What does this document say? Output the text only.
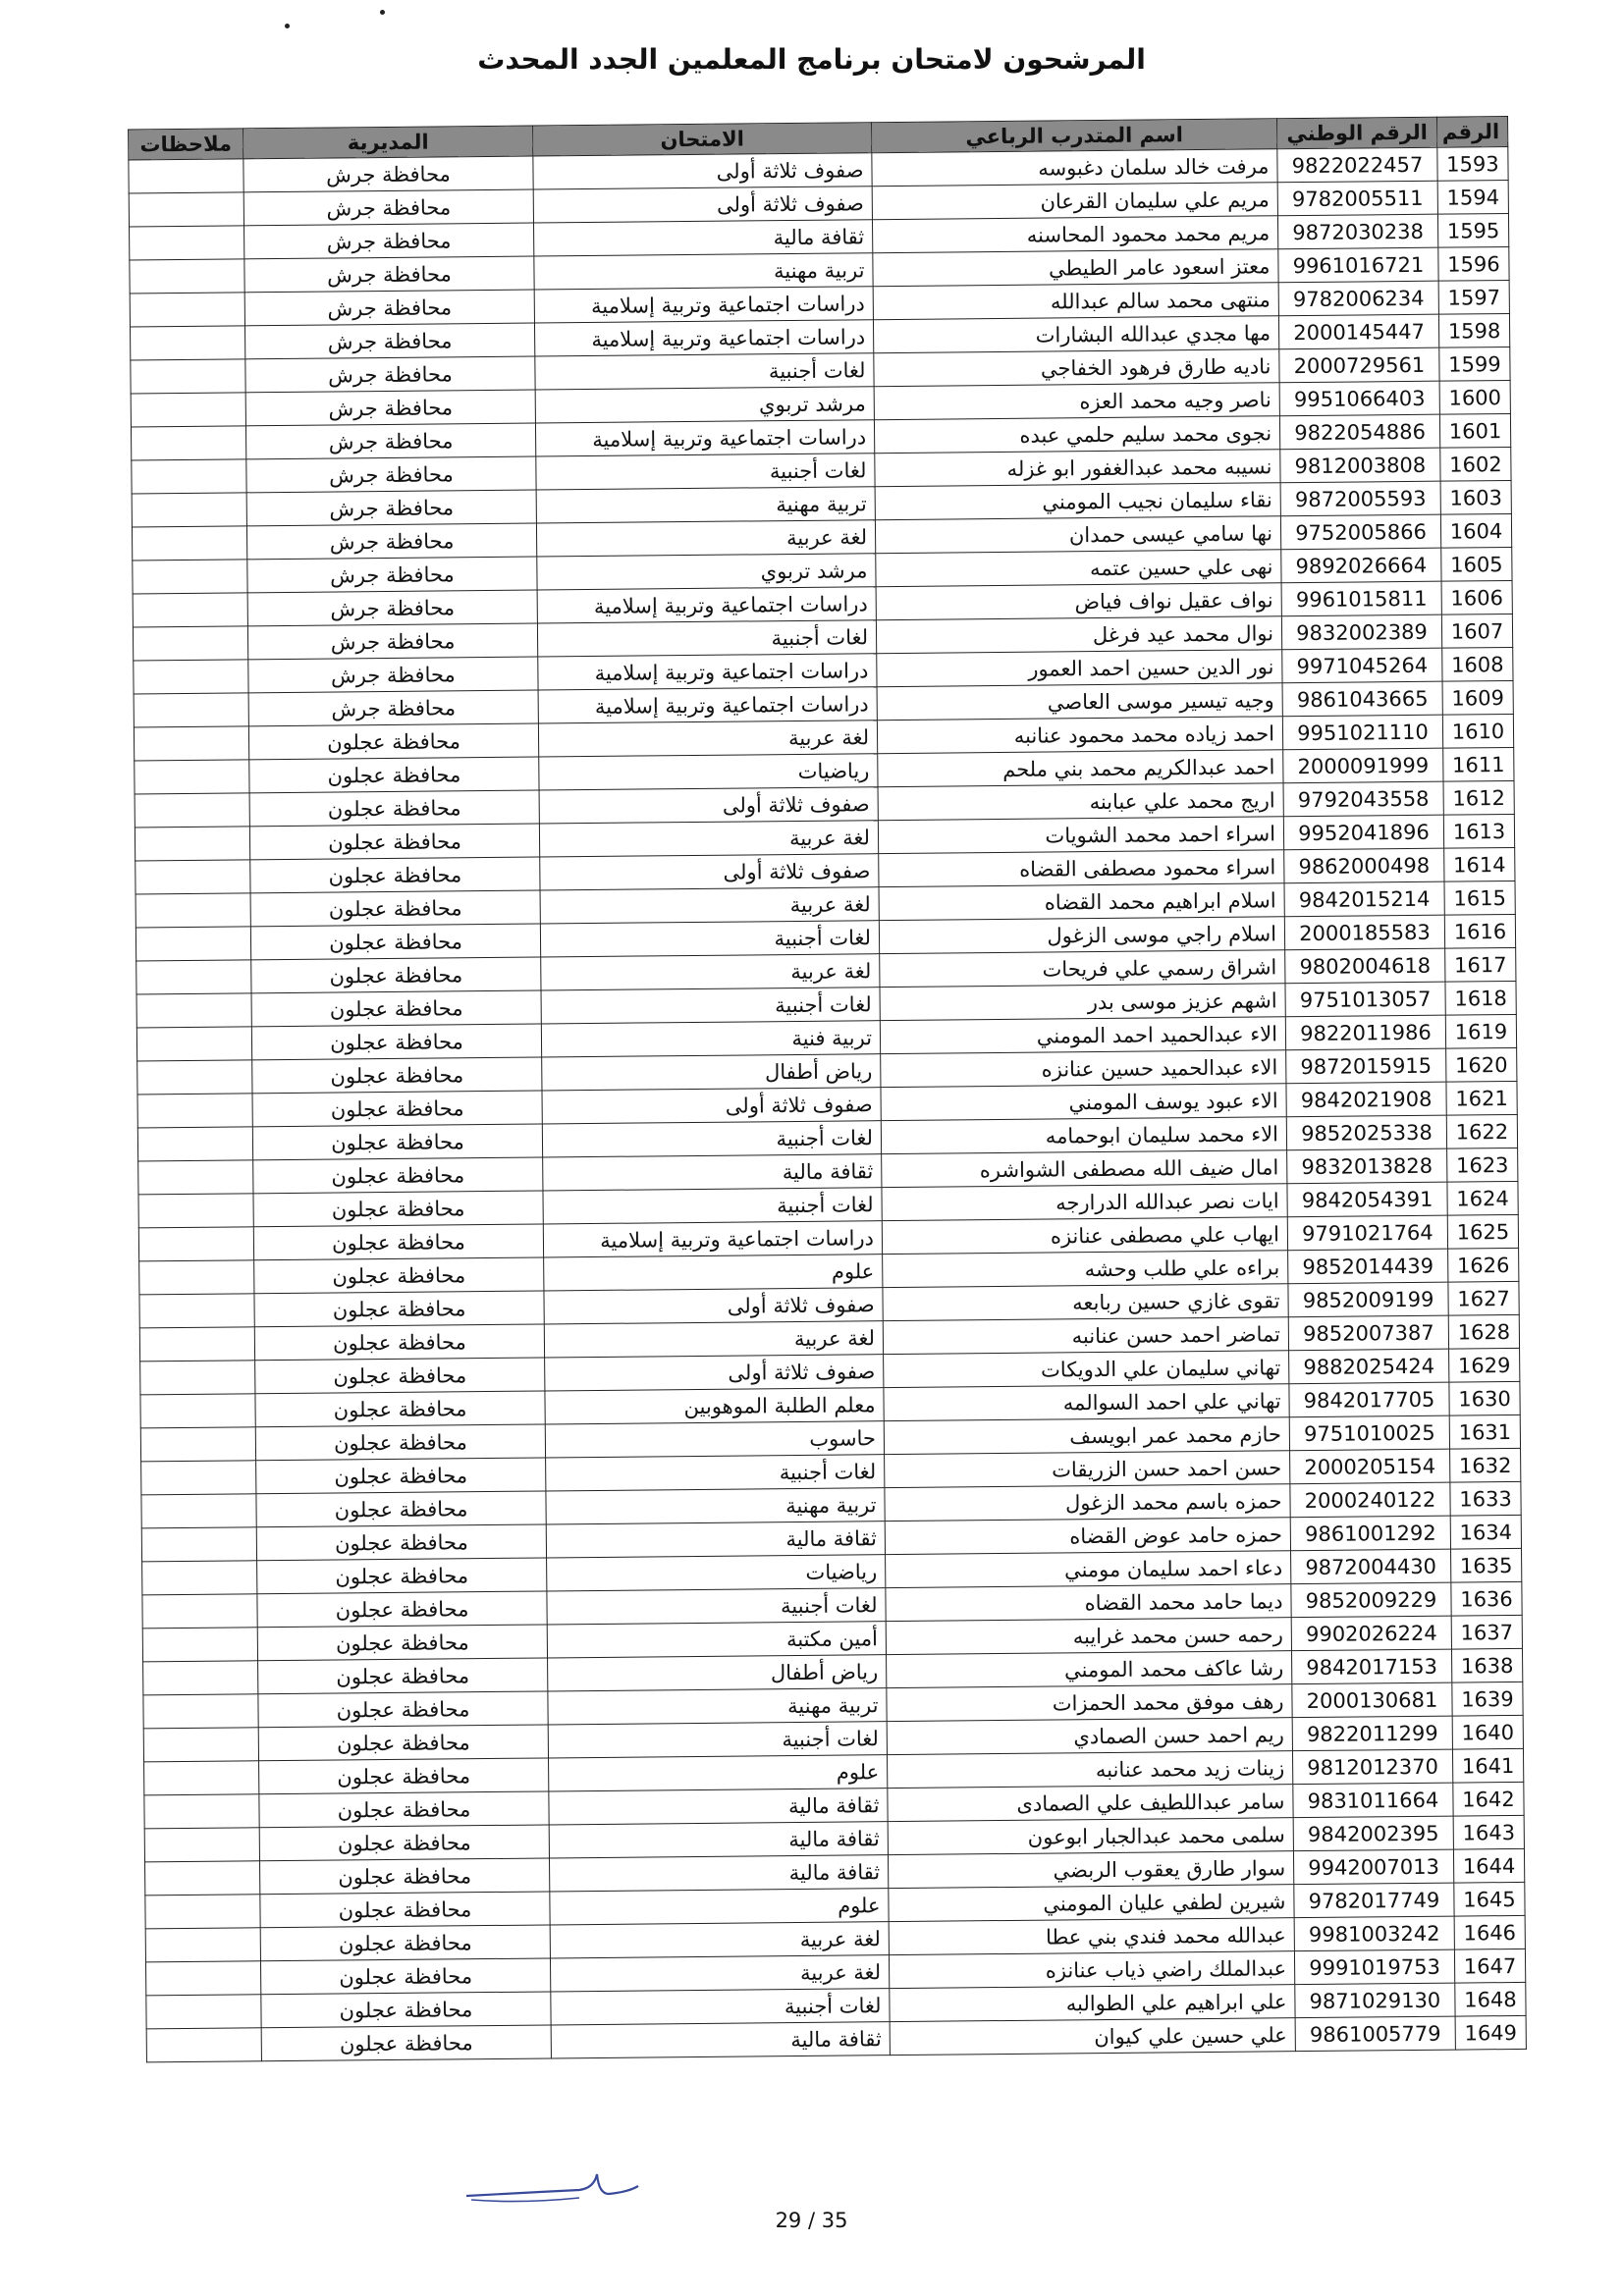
المرشحون لامتحان برنامج المعلمين الجدد المحدث
الرقم	الرقم الوطني	اسم المتدرب الرباعي	الامتحان	المديرية	ملاحظات
1593	9822022457	مرفت خالد سلمان دغبوسه	صفوف ثلاثة أولى	محافظة جرش	
1594	9782005511	مريم علي سليمان القرعان	صفوف ثلاثة أولى	محافظة جرش	
1595	9872030238	مريم محمد محمود المحاسنه	ثقافة مالية	محافظة جرش	
1596	9961016721	معتز اسعود عامر الطيطي	تربية مهنية	محافظة جرش	
1597	9782006234	منتهى محمد سالم عبدالله	دراسات اجتماعية وتربية إسلامية	محافظة جرش	
1598	2000145447	مها مجدي عبدالله البشارات	دراسات اجتماعية وتربية إسلامية	محافظة جرش	
1599	2000729561	ناديه طارق فرهود الخفاجي	لغات أجنبية	محافظة جرش	
1600	9951066403	ناصر وجيه محمد العزه	مرشد تربوي	محافظة جرش	
1601	9822054886	نجوى محمد سليم حلمي عبده	دراسات اجتماعية وتربية إسلامية	محافظة جرش	
1602	9812003808	نسيبه محمد عبدالغفور ابو غزله	لغات أجنبية	محافظة جرش	
1603	9872005593	نقاء سليمان نجيب المومني	تربية مهنية	محافظة جرش	
1604	9752005866	نها سامي عيسى حمدان	لغة عربية	محافظة جرش	
1605	9892026664	نهى علي حسين عتمه	مرشد تربوي	محافظة جرش	
1606	9961015811	نواف عقيل نواف فياض	دراسات اجتماعية وتربية إسلامية	محافظة جرش	
1607	9832002389	نوال محمد عيد فرغل	لغات أجنبية	محافظة جرش	
1608	9971045264	نور الدين حسين احمد العمور	دراسات اجتماعية وتربية إسلامية	محافظة جرش	
1609	9861043665	وجيه تيسير موسى العاصي	دراسات اجتماعية وتربية إسلامية	محافظة جرش	
1610	9951021110	احمد زياده محمد محمود عنانبه	لغة عربية	محافظة عجلون	
1611	2000091999	احمد عبدالكريم محمد بني ملحم	رياضيات	محافظة عجلون	
1612	9792043558	اريج محمد علي عبابنه	صفوف ثلاثة أولى	محافظة عجلون	
1613	9952041896	اسراء احمد محمد الشويات	لغة عربية	محافظة عجلون	
1614	9862000498	اسراء محمود مصطفى القضاه	صفوف ثلاثة أولى	محافظة عجلون	
1615	9842015214	اسلام ابراهيم محمد القضاه	لغة عربية	محافظة عجلون	
1616	2000185583	اسلام راجي موسى الزغول	لغات أجنبية	محافظة عجلون	
1617	9802004618	اشراق رسمي علي فريحات	لغة عربية	محافظة عجلون	
1618	9751013057	اشهم عزيز موسى بدر	لغات أجنبية	محافظة عجلون	
1619	9822011986	الاء عبدالحميد احمد المومني	تربية فنية	محافظة عجلون	
1620	9872015915	الاء عبدالحميد حسين عنانزه	رياض أطفال	محافظة عجلون	
1621	9842021908	الاء عبود يوسف المومني	صفوف ثلاثة أولى	محافظة عجلون	
1622	9852025338	الاء محمد سليمان ابوحمامه	لغات أجنبية	محافظة عجلون	
1623	9832013828	امال ضيف الله مصطفى الشواشره	ثقافة مالية	محافظة عجلون	
1624	9842054391	ايات نصر عبدالله الدرارجه	لغات أجنبية	محافظة عجلون	
1625	9791021764	ايهاب علي مصطفى عنانزه	دراسات اجتماعية وتربية إسلامية	محافظة عجلون	
1626	9852014439	براءه علي طلب وحشه	علوم	محافظة عجلون	
1627	9852009199	تقوى غازي حسين ربابعه	صفوف ثلاثة أولى	محافظة عجلون	
1628	9852007387	تماضر احمد حسن عنانبه	لغة عربية	محافظة عجلون	
1629	9882025424	تهاني سليمان علي الدويكات	صفوف ثلاثة أولى	محافظة عجلون	
1630	9842017705	تهاني علي احمد السوالمه	معلم الطلبة الموهوبين	محافظة عجلون	
1631	9751010025	حازم محمد عمر ابويسف	حاسوب	محافظة عجلون	
1632	2000205154	حسن احمد حسن الزريقات	لغات أجنبية	محافظة عجلون	
1633	2000240122	حمزه باسم محمد الزغول	تربية مهنية	محافظة عجلون	
1634	9861001292	حمزه حامد عوض القضاه	ثقافة مالية	محافظة عجلون	
1635	9872004430	دعاء احمد سليمان مومني	رياضيات	محافظة عجلون	
1636	9852009229	ديما حامد محمد القضاه	لغات أجنبية	محافظة عجلون	
1637	9902026224	رحمه حسن محمد غرايبه	أمين مكتبة	محافظة عجلون	
1638	9842017153	رشا عاكف محمد المومني	رياض أطفال	محافظة عجلون	
1639	2000130681	رهف موفق محمد الحمزات	تربية مهنية	محافظة عجلون	
1640	9822011299	ريم احمد حسن الصمادي	لغات أجنبية	محافظة عجلون	
1641	9812012370	زينات زيد محمد عنانبه	علوم	محافظة عجلون	
1642	9831011664	سامر عبداللطيف علي الصمادى	ثقافة مالية	محافظة عجلون	
1643	9842002395	سلمى محمد عبدالجبار ابوعون	ثقافة مالية	محافظة عجلون	
1644	9942007013	سوار طارق يعقوب الربضي	ثقافة مالية	محافظة عجلون	
1645	9782017749	شيرين لطفي عليان المومني	علوم	محافظة عجلون	
1646	9981003242	عبدالله محمد فندي بني عطا	لغة عربية	محافظة عجلون	
1647	9991019753	عبدالملك راضي ذياب عنانزه	لغة عربية	محافظة عجلون	
1648	9871029130	علي ابراهيم علي الطوالبه	لغات أجنبية	محافظة عجلون	
1649	9861005779	علي حسين علي كيوان	ثقافة مالية	محافظة عجلون	
29 / 35
